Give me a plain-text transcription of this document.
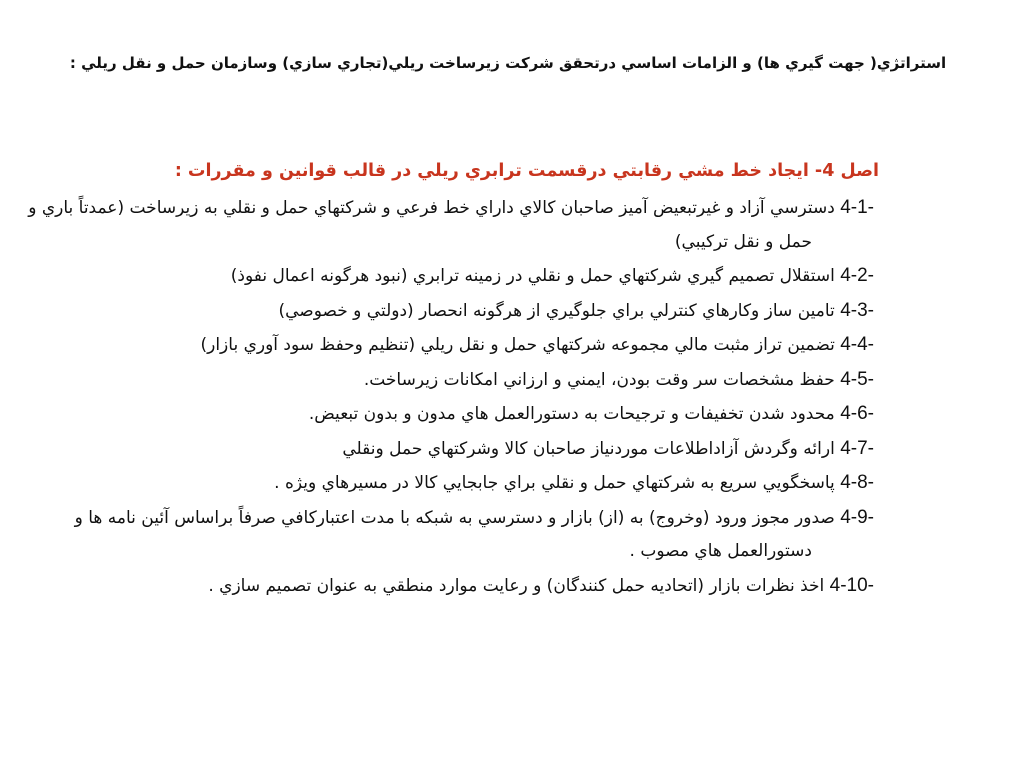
استراتژي( جهت گيري ها) و الزامات اساسي درتحقق شركت زيرساخت ريلي(تجاري سازي) وسازمان حمل و نقل ريلي :
اصل 4- ايجاد خط مشي رقابتي درقسمت ترابري ريلي در قالب قوانين و مقررات :
4-1- دسترسي آزاد و غيرتبعيض آميز صاحبان كالاي داراي خط فرعي و شركتهاي حمل و نقلي به زيرساخت (عمدتاً باري و حمل و نقل تركيبي)
4-2- استقلال تصميم گيري شركتهاي حمل و نقلي در زمينه ترابري (نبود هرگونه اعمال نفوذ)
4-3- تامين ساز وكارهاي كنترلي براي جلوگيري از هرگونه انحصار (دولتي و خصوصي)
4-4- تضمين تراز مثبت مالي مجموعه شركتهاي حمل و نقل ريلي (تنظيم وحفظ سود آوري بازار)
4-5- حفظ مشخصات سر وقت بودن، ايمني و ارزاني امكانات زيرساخت.
4-6- محدود شدن تخفيفات و ترجيحات به دستورالعمل هاي مدون و بدون تبعيض.
4-7- ارائه وگردش آزاداطلاعات موردنياز صاحبان كالا وشركتهاي حمل ونقلي
4-8- پاسخگويي سريع به شركتهاي حمل و نقلي براي جابجايي كالا در مسيرهاي ويژه .
4-9- صدور مجوز ورود (وخروج) به (از) بازار و دسترسي به شبكه با مدت اعتباركافي صرفاً براساس آئين نامه ها و دستورالعمل هاي مصوب .
4-10- اخذ نظرات بازار (اتحاديه حمل كنندگان) و رعايت موارد منطقي به عنوان تصميم سازي .
